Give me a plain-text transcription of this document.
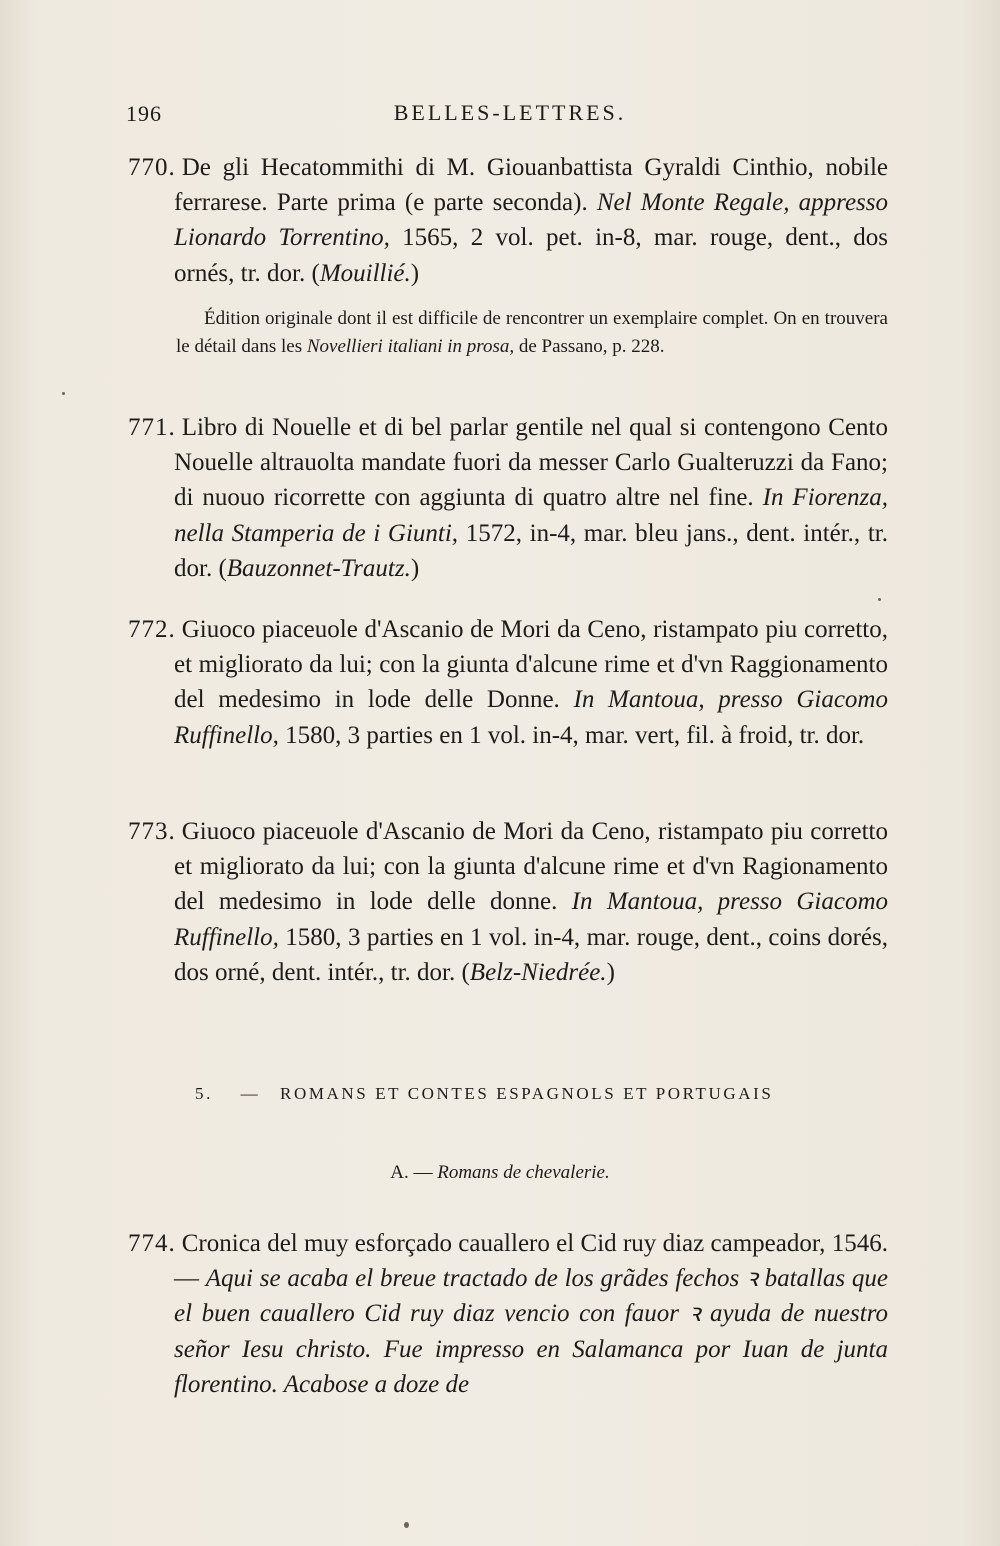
196	BELLES-LETTRES.
770. De gli Hecatommithi di M. Giouanbattista Gyraldi Cinthio, nobile ferrarese. Parte prima (e parte seconda). Nel Monte Regale, appresso Lionardo Torrentino, 1565, 2 vol. pet. in-8, mar. rouge, dent., dos ornés, tr. dor. (Mouillié.)
Édition originale dont il est difficile de rencontrer un exemplaire complet. On en trouvera le détail dans les Novellieri italiani in prosa, de Passano, p. 228.
771. Libro di Nouelle et di bel parlar gentile nel qual si contengono Cento Nouelle altrauolta mandate fuori da messer Carlo Gualteruzzi da Fano; di nuouo ricorrette con aggiunta di quatro altre nel fine. In Fiorenza, nella Stamperia de i Giunti, 1572, in-4, mar. bleu jans., dent. intér., tr. dor. (Bauzonnet-Trautz.)
772. Giuoco piaceuole d'Ascanio de Mori da Ceno, ristampato piu corretto, et migliorato da lui; con la giunta d'alcune rime et d'vn Raggionamento del medesimo in lode delle Donne. In Mantoua, presso Giacomo Ruffinello, 1580, 3 parties en 1 vol. in-4, mar. vert, fil. à froid, tr. dor.
773. Giuoco piaceuole d'Ascanio de Mori da Ceno, ristampato piu corretto et migliorato da lui; con la giunta d'alcune rime et d'vn Ragionamento del medesimo in lode delle donne. In Mantoua, presso Giacomo Ruffinello, 1580, 3 parties en 1 vol. in-4, mar. rouge, dent., coins dorés, dos orné, dent. intér., tr. dor. (Belz-Niedrée.)
5. — ROMANS ET CONTES ESPAGNOLS ET PORTUGAIS
A. — Romans de chevalerie.
774. Cronica del muy esforçado cauallero el Cid ruy diaz campeador, 1546. — Aqui se acaba el breue tractado de los grãdes fechos ꝛ batallas que el buen cauallero Cid ruy diaz vencio con fauor ꝛ ayuda de nuestro señor Iesu christo. Fue impresso en Salamanca por Iuan de junta florentino. Acabose a doze de
